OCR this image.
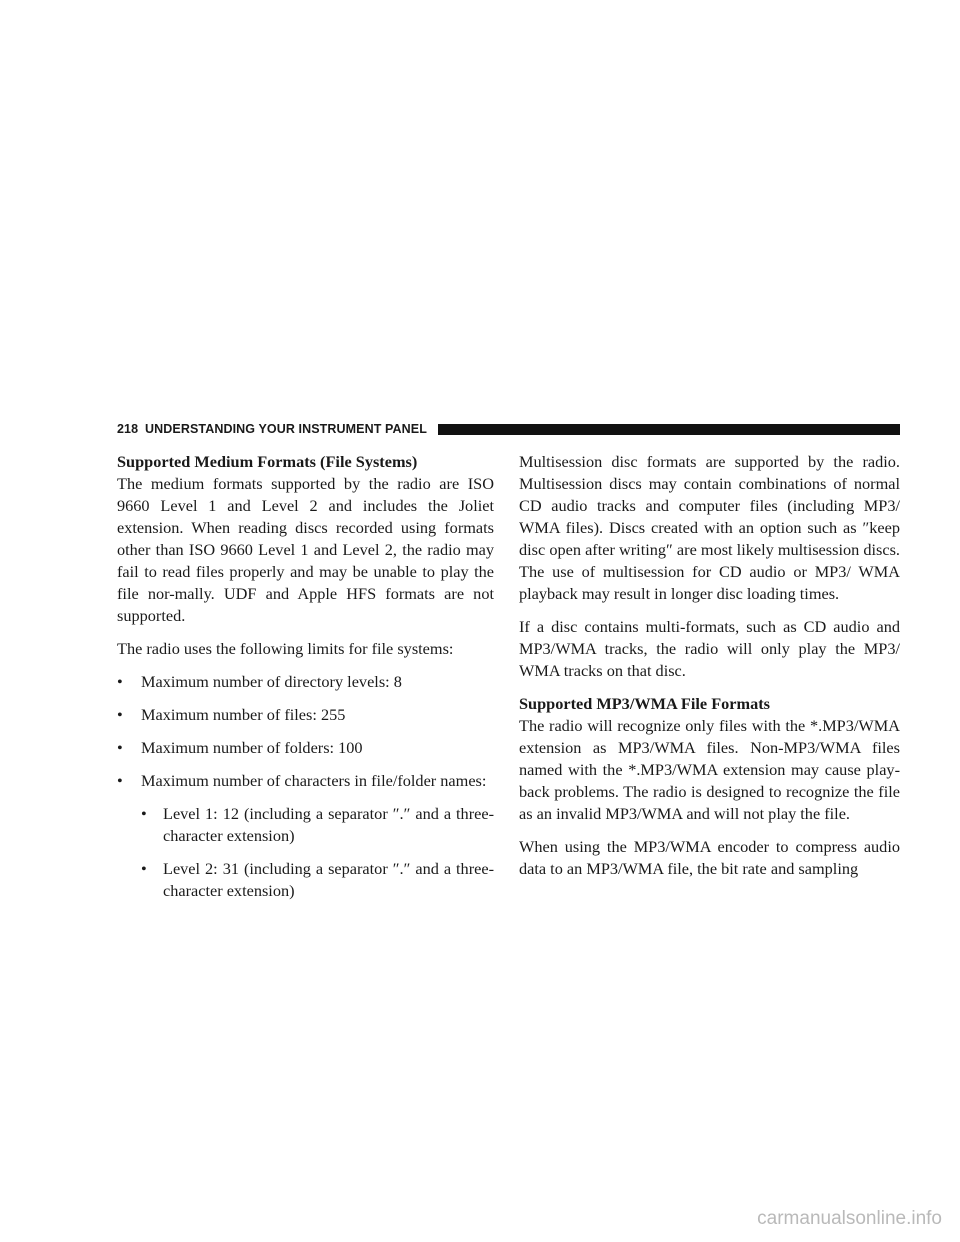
218 UNDERSTANDING YOUR INSTRUMENT PANEL

Supported Medium Formats (File Systems)

The medium formats supported by the radio are ISO 9660 Level 1 and Level 2 and includes the Joliet extension. When reading discs recorded using formats other than ISO 9660 Level 1 and Level 2, the radio may fail to read files properly and may be unable to play the file nor-mally. UDF and Apple HFS formats are not supported.

The radio uses the following limits for file systems:

•	Maximum number of directory levels: 8
•	Maximum number of files: 255
•	Maximum number of folders: 100
•	Maximum number of characters in file/folder names:
• Level 1: 12 (including a separator ″.″ and a three-character extension)
• Level 2: 31 (including a separator ″.″ and a three-character extension)

Multisession disc formats are supported by the radio. Multisession discs may contain combinations of normal CD audio tracks and computer files (including MP3/ WMA files). Discs created with an option such as ″keep disc open after writing″ are most likely multisession discs. The use of multisession for CD audio or MP3/ WMA playback may result in longer disc loading times.

If a disc contains multi-formats, such as CD audio and MP3/WMA tracks, the radio will only play the MP3/ WMA tracks on that disc.

Supported MP3/WMA File Formats

The radio will recognize only files with the *.MP3/WMA extension as MP3/WMA files. Non-MP3/WMA files named with the *.MP3/WMA extension may cause play-back problems. The radio is designed to recognize the file as an invalid MP3/WMA and will not play the file.

When using the MP3/WMA encoder to compress audio data to an MP3/WMA file, the bit rate and sampling

carmanualsonline.info
